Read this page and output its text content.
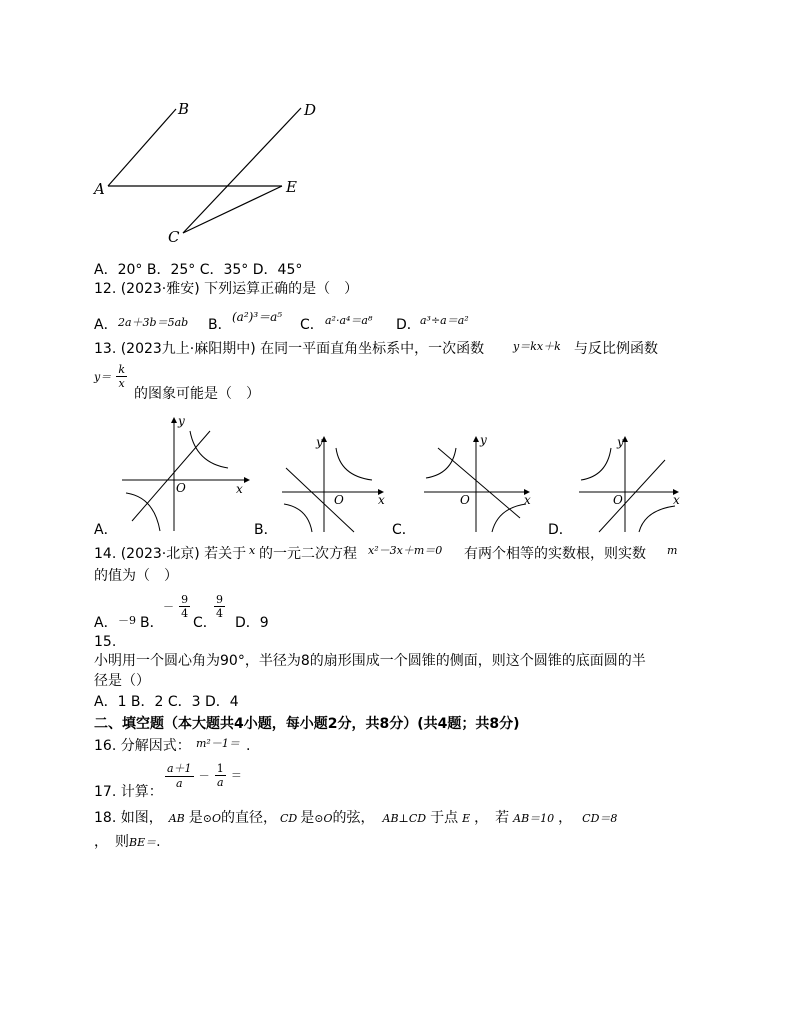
A
B
C
D
E
A．20° B．25° C．35° D．45°
12. (2023·雅安) 下列运算正确的是（　）
A． 2a＋3b＝5ab B． (a²)³＝a⁵ C． a²·a⁴＝a⁸ D． a³÷a＝a²
13. (2023九上·麻阳期中) 在同一平面直角坐标系中，一次函数	y＝kx＋k 与反比例函数
$y= \frac{k}{x}$
的图象可能是（　）
x
y
O
A．
x
y
O
B．
x
y
O
C．
x
y
O
D．
14. (2023·北京) 若关于 x 的一元二次方程 x²－3x＋m＝0 有两个相等的实数根，则实数 m
的值为（　）
A． －9 B．
－ $\frac{9}{4}$
C．
$\frac{9}{4}$
D．9
15.
小明用一个圆心角为90°，半径为8的扇形围成一个圆锥的侧面，则这个圆锥的底面圆的半
径是（）
A．1 B．2 C．3 D．4
二、填空题（本大题共4小题，每小题2分，共8分）(共4题；共8分)
16. 分解因式： m²－1＝ .
17. 计算：
$\frac{a+1}{a} - \frac{1}{a}$ ＝
18. 如图， AB 是⊙O的直径， CD 是⊙O的弦， AB⊥CD 于点 E ，　若 AB＝10 ， CD＝8
，　则BE＝.
